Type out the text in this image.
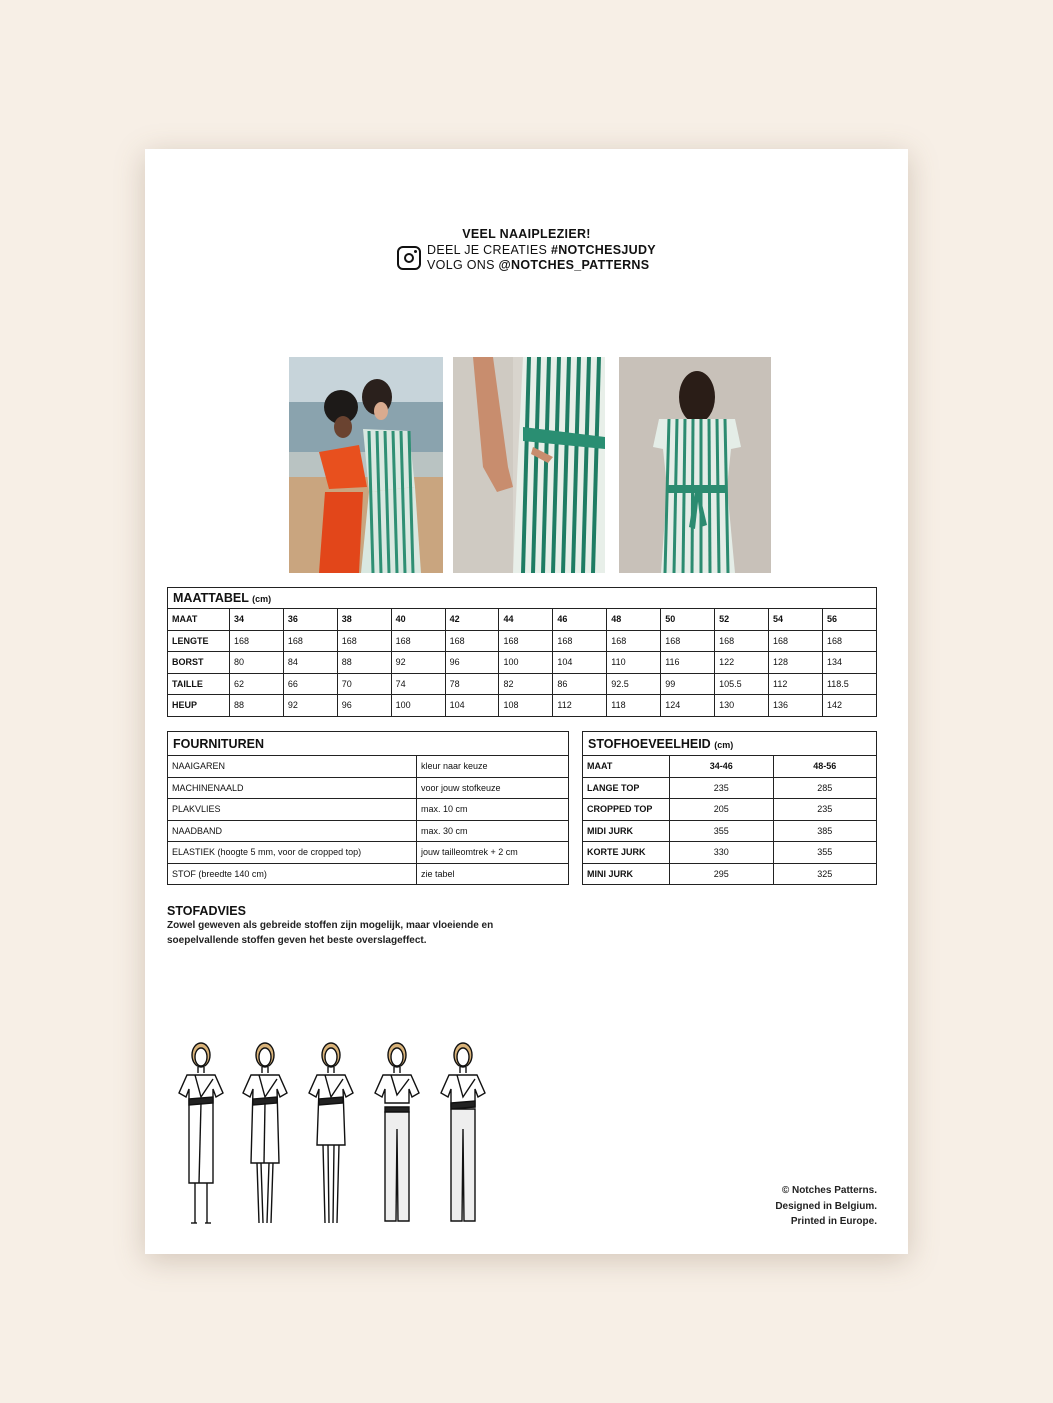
VEEL NAAIPLEZIER!
DEEL JE CREATIES #NOTCHESJUDY
VOLG ONS @NOTCHES_PATTERNS
MAATTABEL (cm)												
MAAT	34	36	38	40	42	44	46	48	50	52	54	56
LENGTE	168	168	168	168	168	168	168	168	168	168	168	168
BORST	80	84	88	92	96	100	104	110	116	122	128	134
TAILLE	62	66	70	74	78	82	86	92.5	99	105.5	112	118.5
HEUP	88	92	96	100	104	108	112	118	124	130	136	142
FOURNITUREN	
NAAIGAREN	kleur naar keuze
MACHINENAALD	voor jouw stofkeuze
PLAKVLIES	max. 10 cm
NAADBAND	max. 30 cm
ELASTIEK (hoogte 5 mm, voor de cropped top)	jouw tailleomtrek + 2 cm
STOF (breedte 140 cm)	zie tabel
STOFHOEVEELHEID (cm)		
MAAT	34-46	48-56
LANGE TOP	235	285
CROPPED TOP	205	235
MIDI JURK	355	385
KORTE JURK	330	355
MINI JURK	295	325
STOFADVIES
Zowel geweven als gebreide stoffen zijn mogelijk, maar vloeiende en
soepelvallende stoffen geven het beste overslageffect.
© Notches Patterns.
Designed in Belgium.
Printed in Europe.
